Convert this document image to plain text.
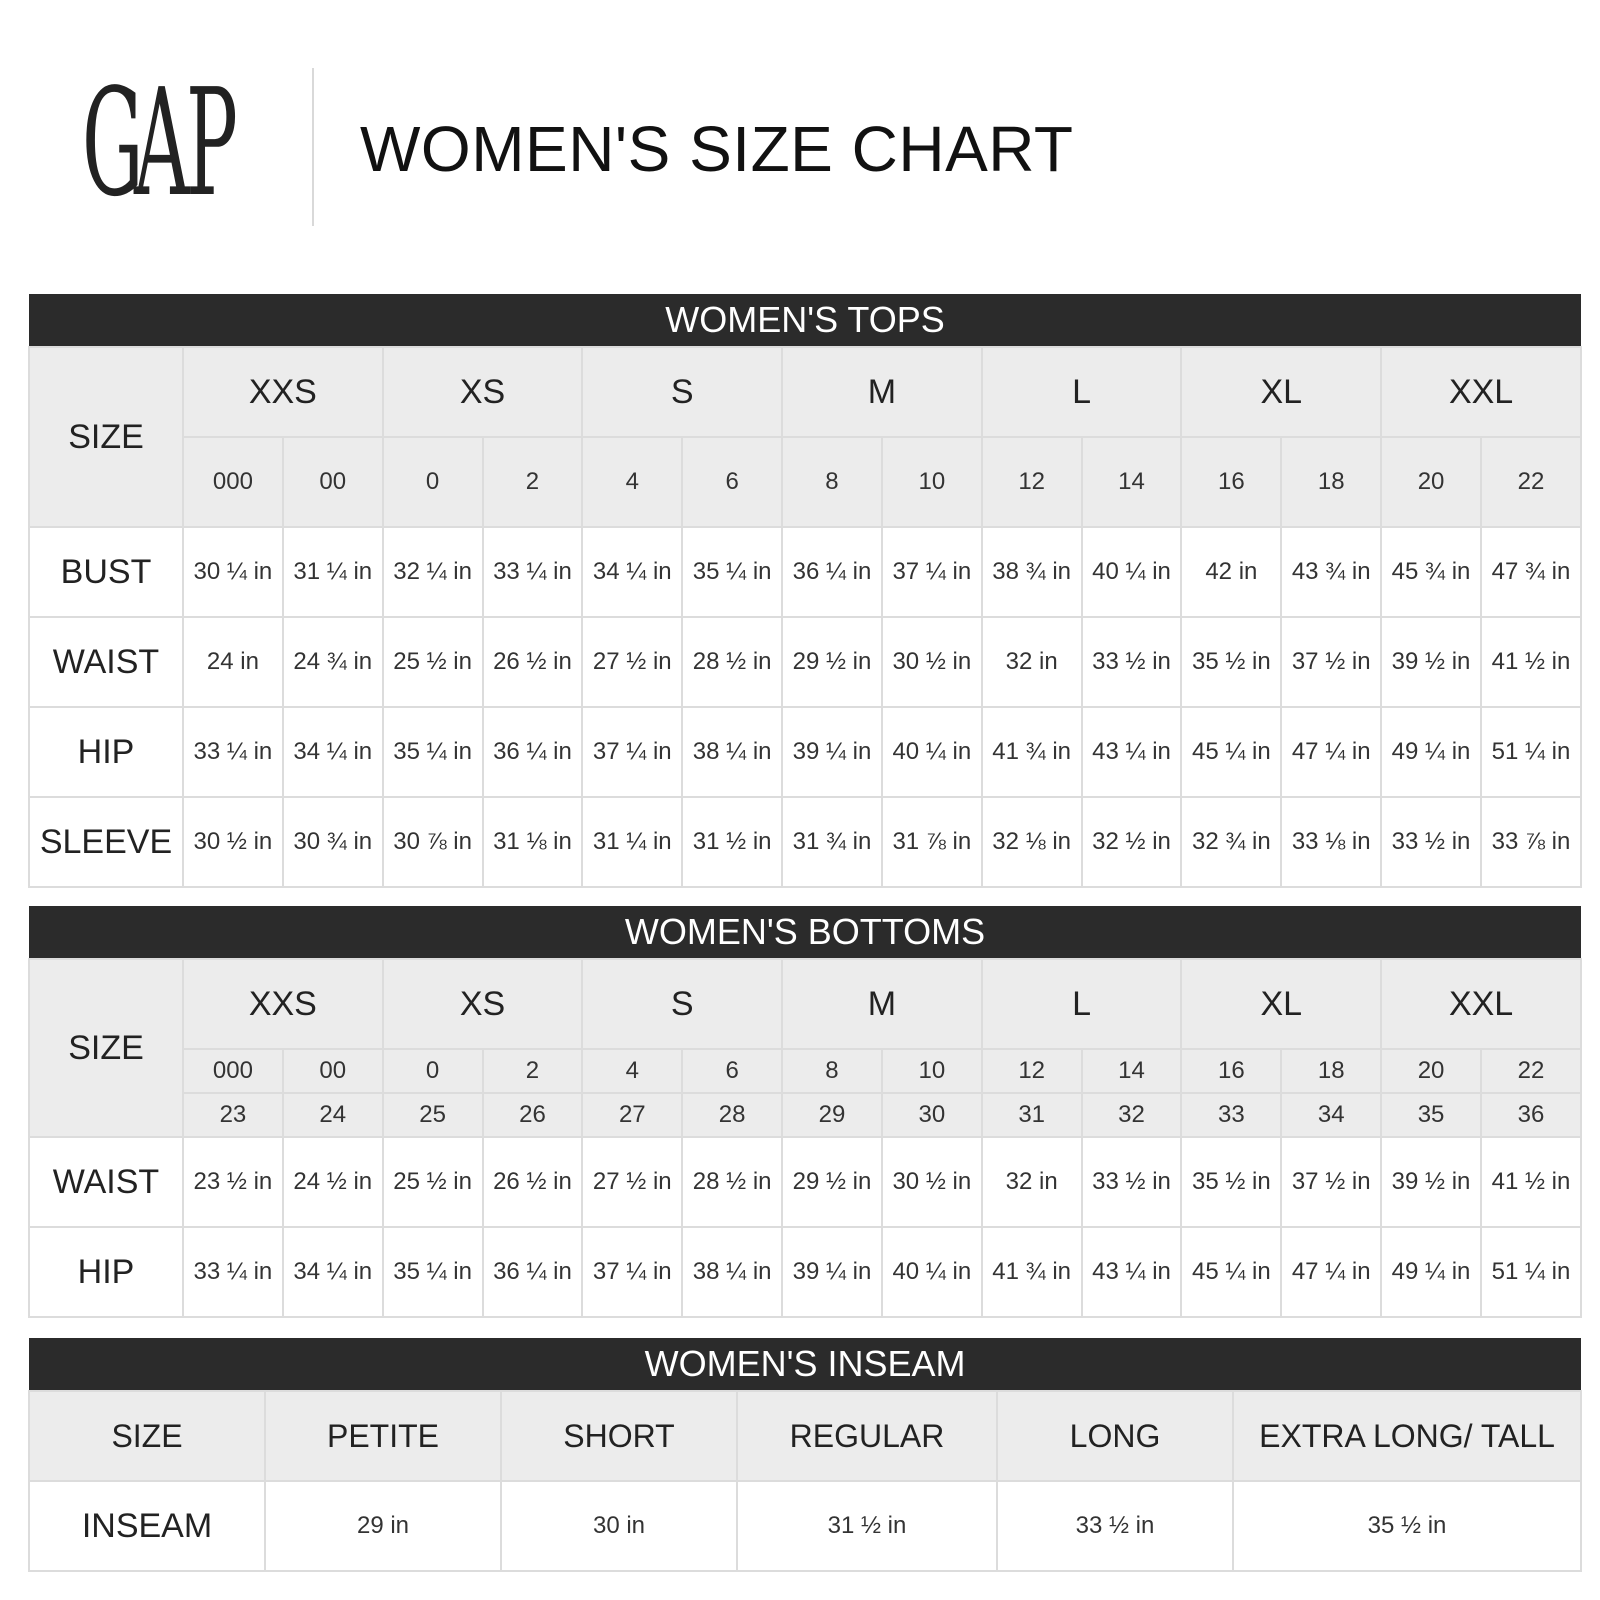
G
A
P WOMEN'S SIZE CHART
WOMEN'S TOPS														
SIZE	XXS		XS		S		M		L		XL		XXL	
	000	00	0	2	4	6	8	10	12	14	16	18	20	22
BUST	30 ¼ in	31 ¼ in	32 ¼ in	33 ¼ in	34 ¼ in	35 ¼ in	36 ¼ in	37 ¼ in	38 ¾ in	40 ¼ in	42 in	43 ¾ in	45 ¾ in	47 ¾ in
WAIST	24 in	24 ¾ in	25 ½ in	26 ½ in	27 ½ in	28 ½ in	29 ½ in	30 ½ in	32 in	33 ½ in	35 ½ in	37 ½ in	39 ½ in	41 ½ in
HIP	33 ¼ in	34 ¼ in	35 ¼ in	36 ¼ in	37 ¼ in	38 ¼ in	39 ¼ in	40 ¼ in	41 ¾ in	43 ¼ in	45 ¼ in	47 ¼ in	49 ¼ in	51 ¼ in
SLEEVE	30 ½ in	30 ¾ in	30 ⅞ in	31 ⅛ in	31 ¼ in	31 ½ in	31 ¾ in	31 ⅞ in	32 ⅛ in	32 ½ in	32 ¾ in	33 ⅛ in	33 ½ in	33 ⅞ in
WOMEN'S BOTTOMS														
SIZE	XXS		XS		S		M		L		XL		XXL	
	000	00	0	2	4	6	8	10	12	14	16	18	20	22
	23	24	25	26	27	28	29	30	31	32	33	34	35	36
WAIST	23 ½ in	24 ½ in	25 ½ in	26 ½ in	27 ½ in	28 ½ in	29 ½ in	30 ½ in	32 in	33 ½ in	35 ½ in	37 ½ in	39 ½ in	41 ½ in
HIP	33 ¼ in	34 ¼ in	35 ¼ in	36 ¼ in	37 ¼ in	38 ¼ in	39 ¼ in	40 ¼ in	41 ¾ in	43 ¼ in	45 ¼ in	47 ¼ in	49 ¼ in	51 ¼ in
WOMEN'S INSEAM					
SIZE	PETITE	SHORT	REGULAR	LONG	EXTRA LONG/ TALL
INSEAM	29 in	30 in	31 ½ in	33 ½ in	35 ½ in
